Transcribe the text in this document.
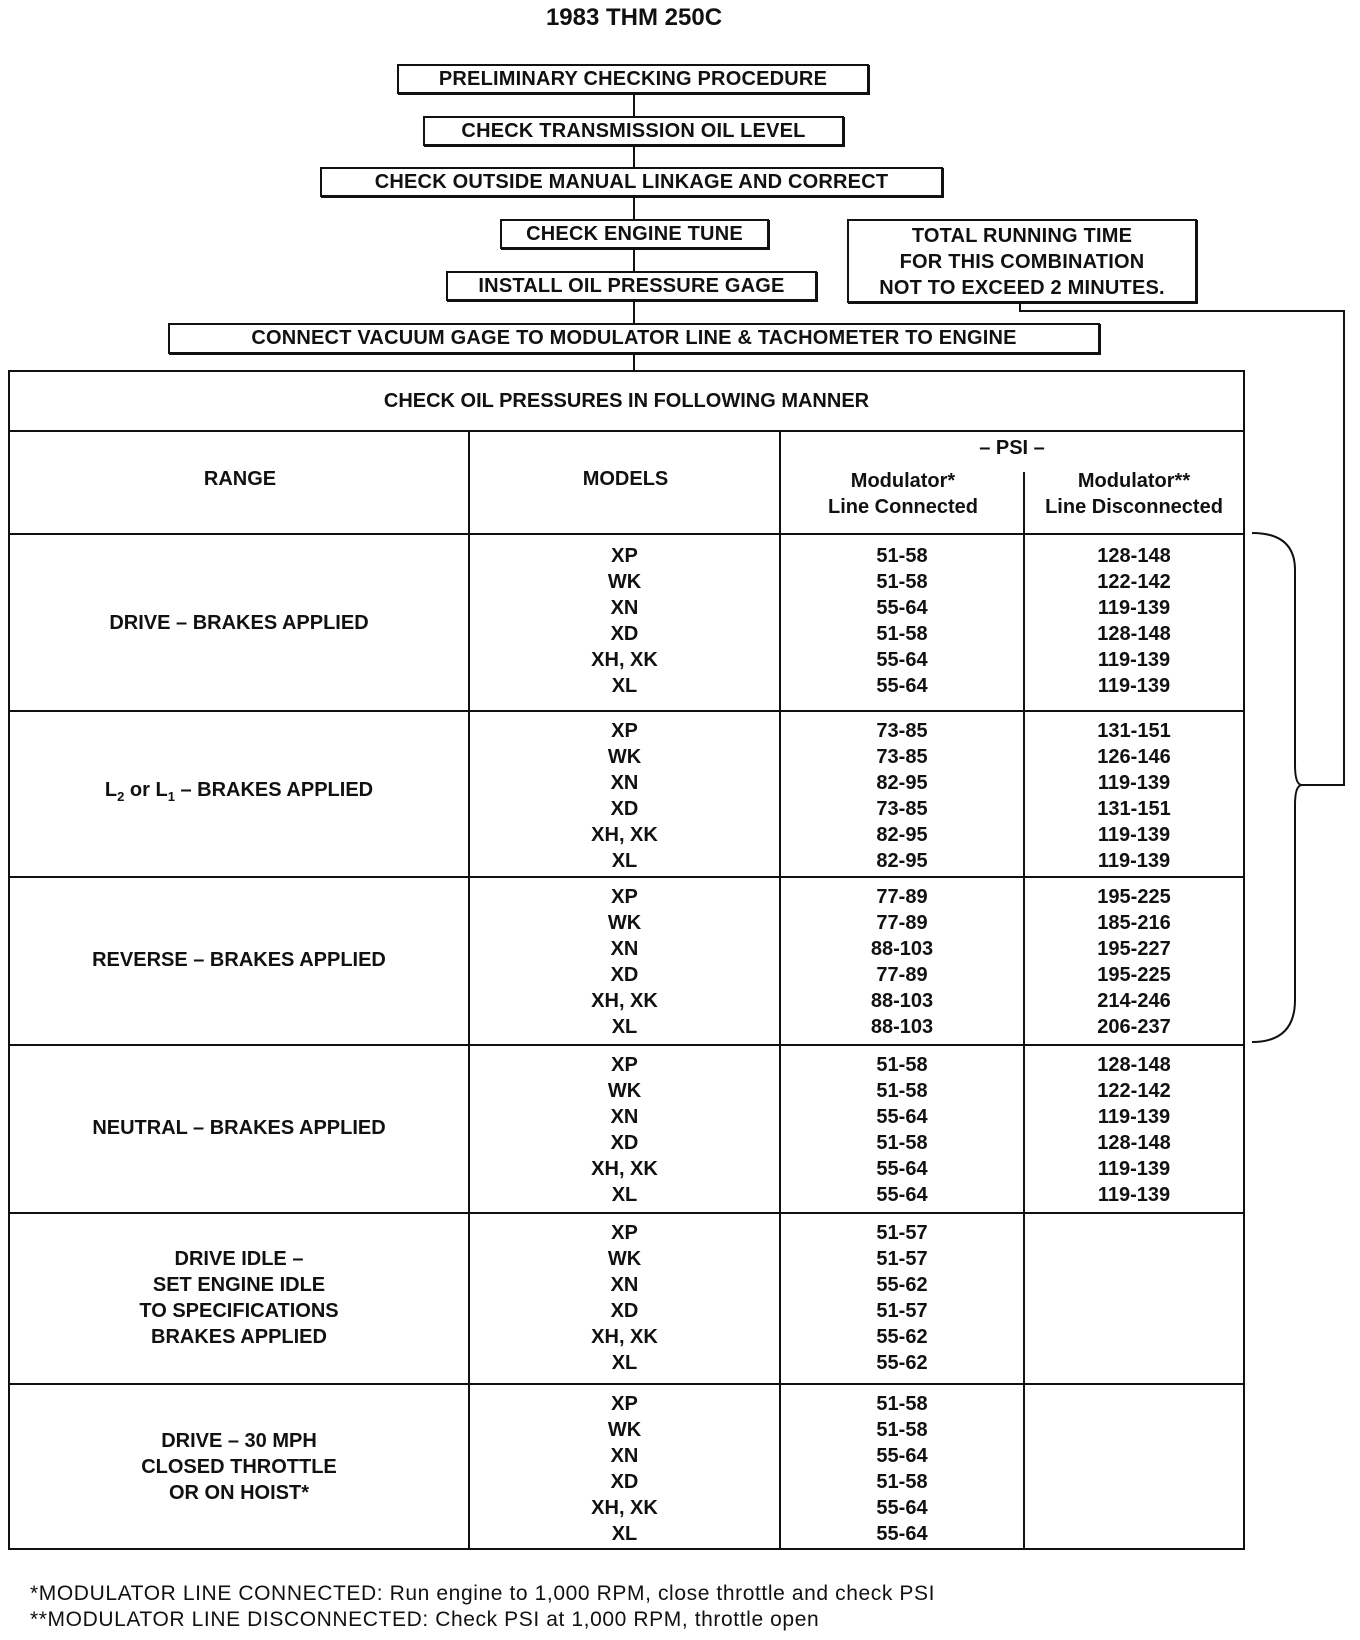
1983 THM 250C
PRELIMINARY CHECKING PROCEDURE
CHECK TRANSMISSION OIL LEVEL
CHECK OUTSIDE MANUAL LINKAGE AND CORRECT
CHECK ENGINE TUNE
INSTALL OIL PRESSURE GAGE
CONNECT VACUUM GAGE TO MODULATOR LINE & TACHOMETER TO ENGINE
TOTAL RUNNING TIME
FOR THIS COMBINATION
NOT TO EXCEED 2 MINUTES.
CHECK OIL PRESSURES IN FOLLOWING MANNER
RANGE	MODELS
– PSI –
Modulator*
Line Connected
Modulator**
Line Disconnected
DRIVE – BRAKES APPLIED
XP
WK
XN
XD
XH, XK
XL
51-58
51-58
55-64
51-58
55-64
55-64
128-148
122-142
119-139
128-148
119-139
119-139
$L_2$ or $L_1$ – BRAKES APPLIED
XP
WK
XN
XD
XH, XK
XL
73-85
73-85
82-95
73-85
82-95
82-95
131-151
126-146
119-139
131-151
119-139
119-139
REVERSE – BRAKES APPLIED
XP
WK
XN
XD
XH, XK
XL
77-89
77-89
88-103
77-89
88-103
88-103
195-225
185-216
195-227
195-225
214-246
206-237
NEUTRAL – BRAKES APPLIED
XP
WK
XN
XD
XH, XK
XL
51-58
51-58
55-64
51-58
55-64
55-64
128-148
122-142
119-139
128-148
119-139
119-139
DRIVE IDLE –
SET ENGINE IDLE
TO SPECIFICATIONS
BRAKES APPLIED
XP
WK
XN
XD
XH, XK
XL
51-57
51-57
55-62
51-57
55-62
55-62
DRIVE – 30 MPH
CLOSED THROTTLE
OR ON HOIST*
XP
WK
XN
XD
XH, XK
XL
51-58
51-58
55-64
51-58
55-64
55-64
*MODULATOR LINE CONNECTED: Run engine to 1,000 RPM, close throttle and check PSI
**MODULATOR LINE DISCONNECTED: Check PSI at 1,000 RPM, throttle open
